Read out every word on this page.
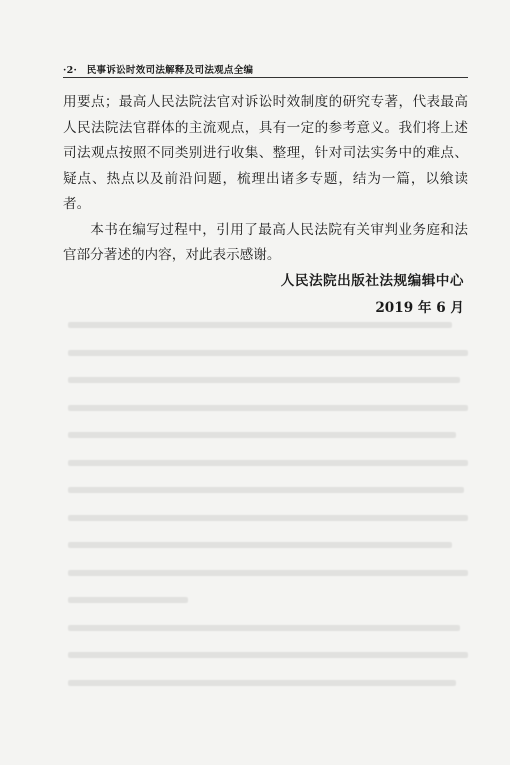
·2· 民事诉讼时效司法解释及司法观点全编

用要点；最高人民法院法官对诉讼时效制度的研究专著，代表最高人民法院法官群体的主流观点，具有一定的参考意义。我们将上述司法观点按照不同类别进行收集、整理，针对司法实务中的难点、疑点、热点以及前沿问题，梳理出诸多专题，结为一篇，以飨读者。

本书在编写过程中，引用了最高人民法院有关审判业务庭和法官部分著述的内容，对此表示感谢。

人民法院出版社法规编辑中心
2019 年 6 月
